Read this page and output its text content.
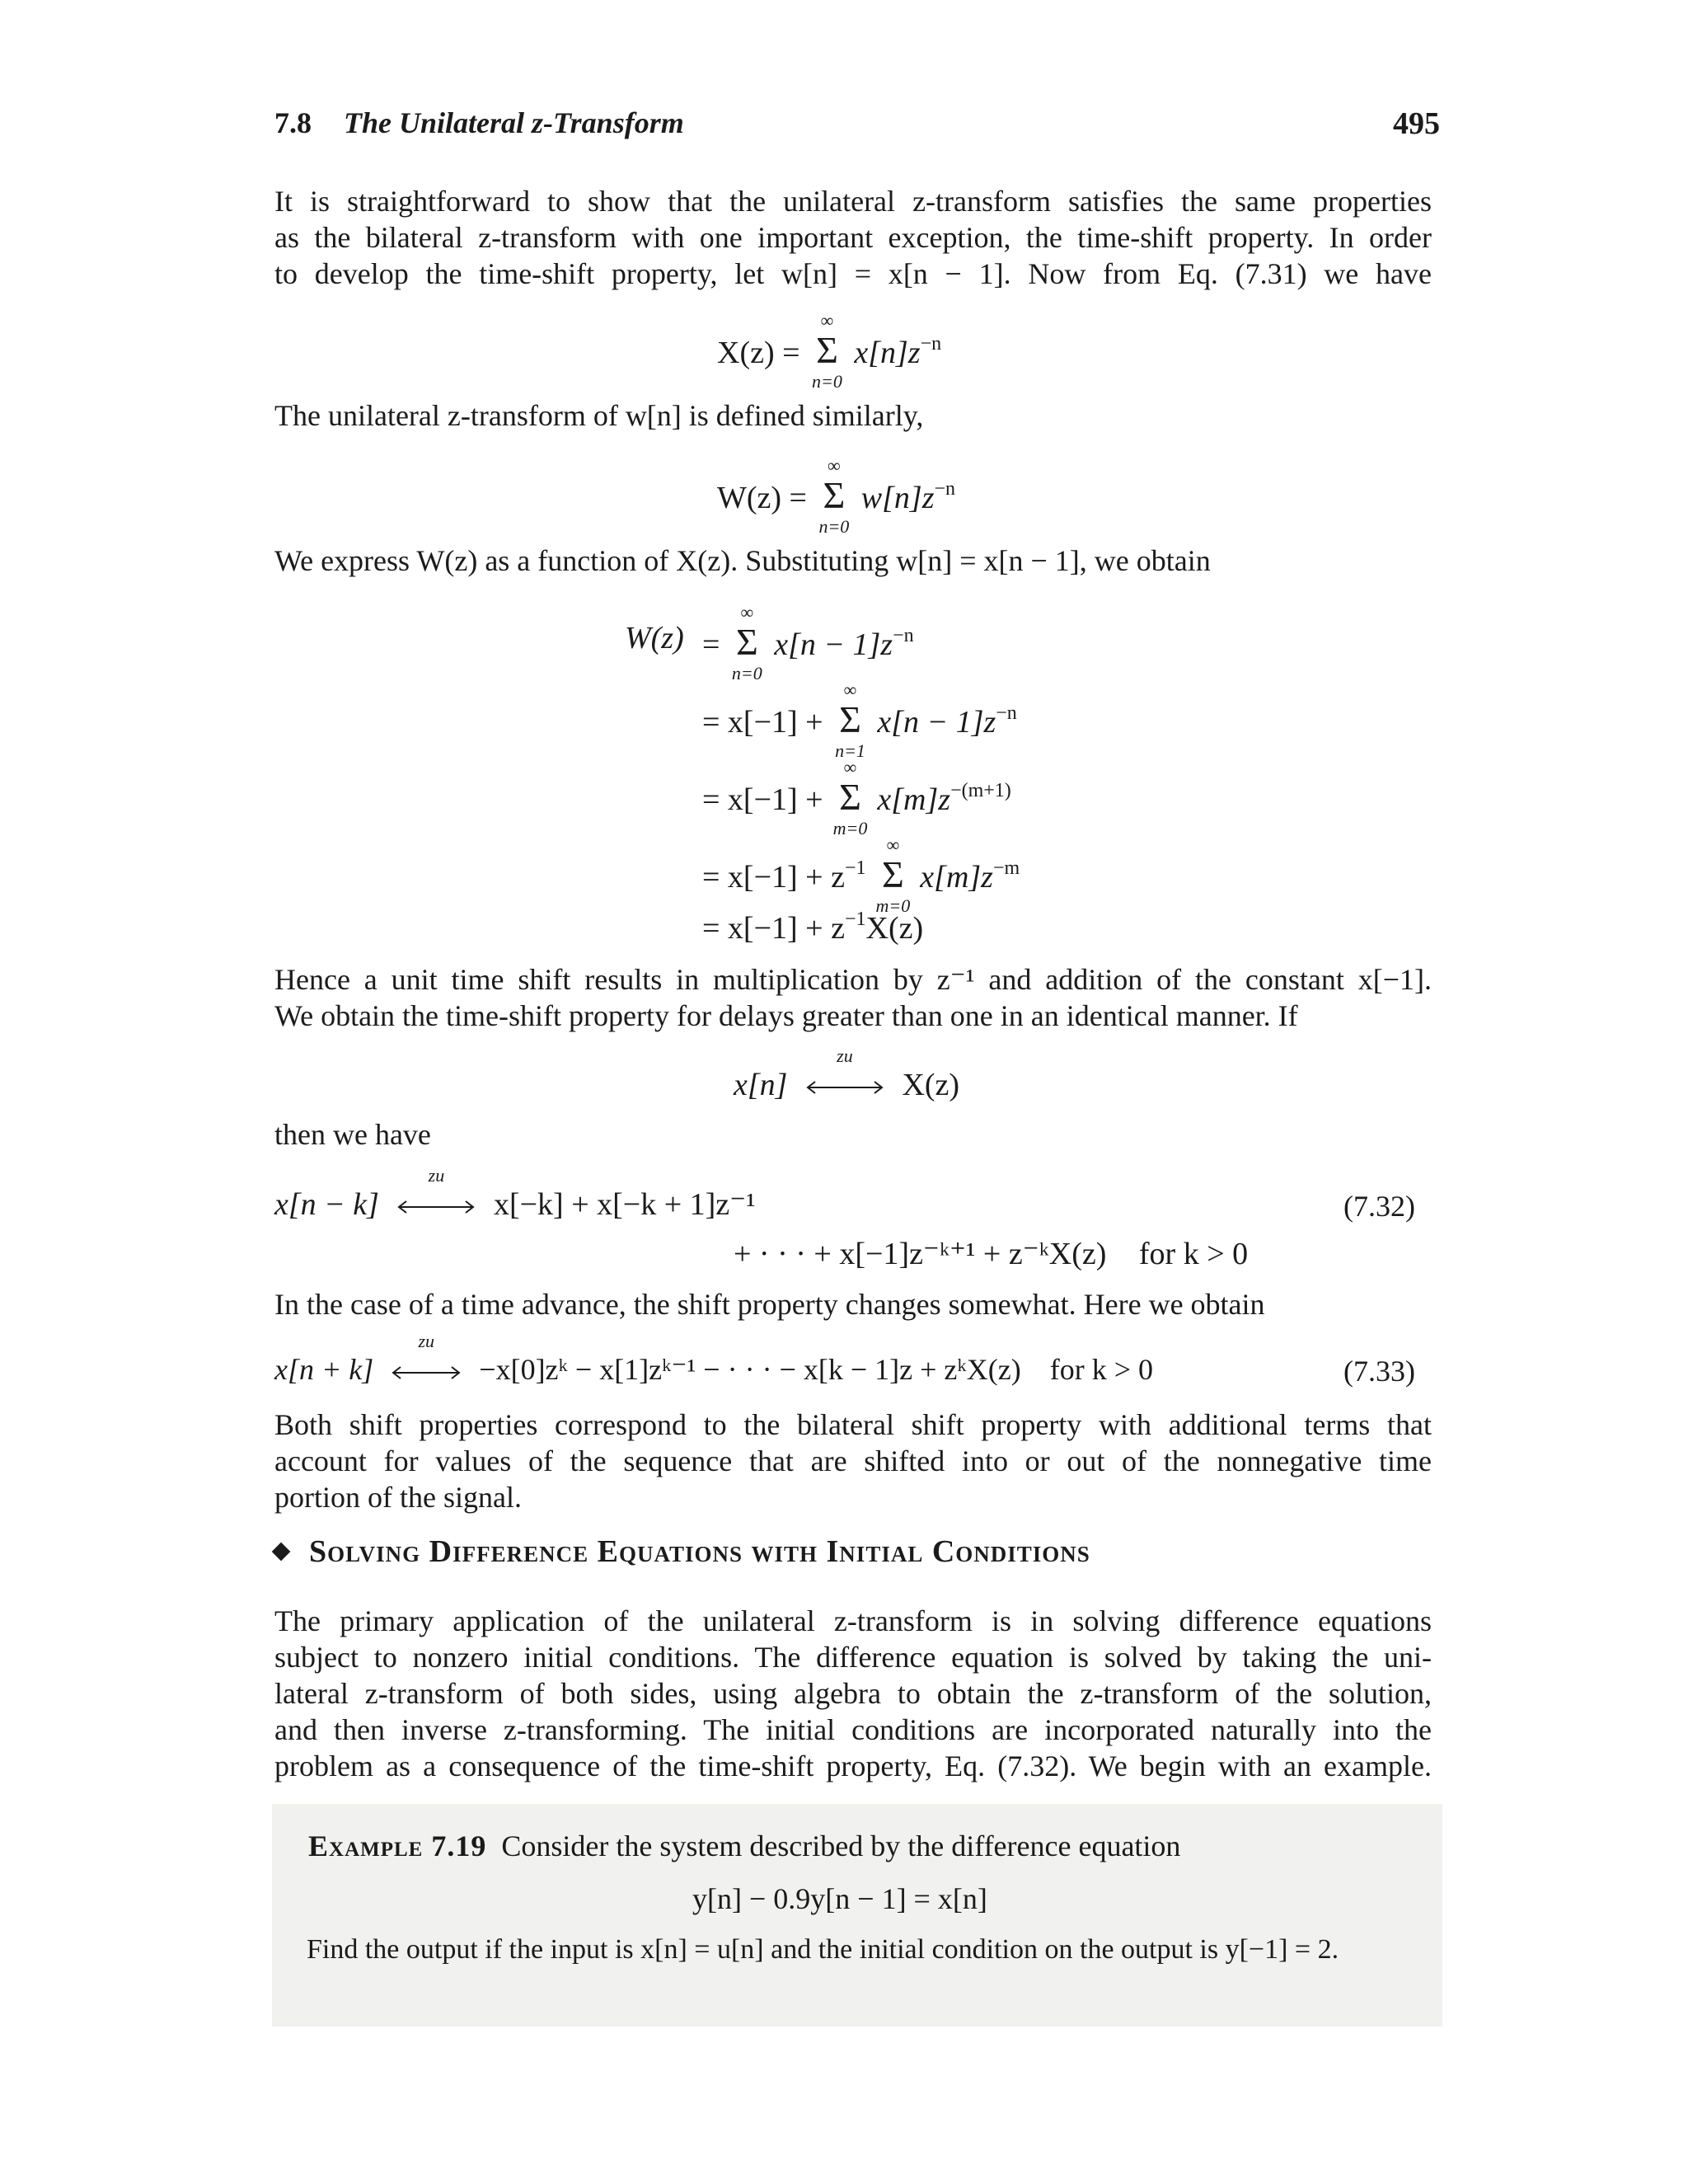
7.8 The Unilateral z-Transform	495
It is straightforward to show that the unilateral z-transform satisfies the same properties
as the bilateral z-transform with one important exception, the time-shift property. In order
to develop the time-shift property, let w[n] = x[n − 1]. Now from Eq. (7.31) we have
X(z) = Σ
∞
n=0
$x[n]z^{-n}$
The unilateral z-transform of w[n] is defined similarly,
W(z) = Σ
∞
n=0
$w[n]z^{-n}$
We express W(z) as a function of X(z). Substituting w[n] = x[n − 1], we obtain
W(z) = Σ
∞
n=0
$x[n - 1]z^{-n}$
= x[−1] + Σ
∞
n=1
$x[n - 1]z^{-n}$
= x[−1] + Σ
∞
m=0
$x[m]z^{-(m+1)}$
= $x[-1] + z^{-1}$ Σ
∞
m=0
$x[m]z^{-m}$
= $x[-1] + z^{-1}X(z)$
Hence a unit time shift results in multiplication by z⁻¹ and addition of the constant x[−1].
We obtain the time-shift property for delays greater than one in an identical manner. If
x[n]
zu
X(z)
then we have
x[n − k]
zu
x[−k] + x[−k + 1]z⁻¹	(7.32)
+ · · · + x[−1]z⁻ᵏ⁺¹ + z⁻ᵏX(z) for k > 0
In the case of a time advance, the shift property changes somewhat. Here we obtain
x[n + k]
zu
−x[0]zᵏ − x[1]zᵏ⁻¹ − · · · − x[k − 1]z + zᵏX(z) for k > 0	(7.33)
Both shift properties correspond to the bilateral shift property with additional terms that
account for values of the sequence that are shifted into or out of the nonnegative time
portion of the signal.
Solving Difference Equations with Initial Conditions
The primary application of the unilateral z-transform is in solving difference equations
subject to nonzero initial conditions. The difference equation is solved by taking the uni-
lateral z-transform of both sides, using algebra to obtain the z-transform of the solution,
and then inverse z-transforming. The initial conditions are incorporated naturally into the
problem as a consequence of the time-shift property, Eq. (7.32). We begin with an example.
Example 7.19 Consider the system described by the difference equation
y[n] − 0.9y[n − 1] = x[n]
Find the output if the input is x[n] = u[n] and the initial condition on the output is y[−1] = 2.
